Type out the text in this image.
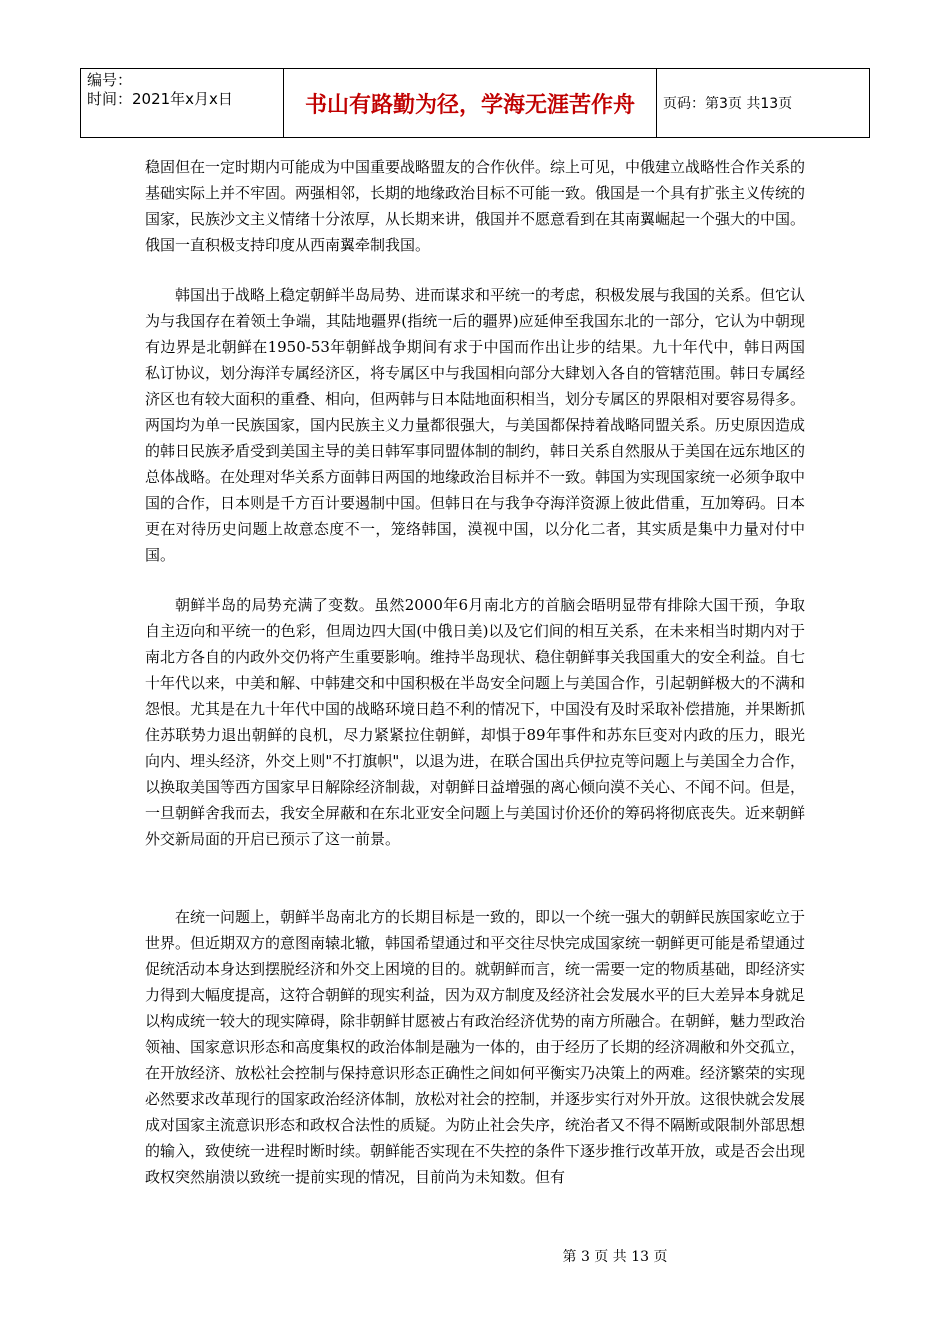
编号：
时间：2021年x月x日	书山有路勤为径，学海无涯苦作舟	页码：第3页 共13页

稳固但在一定时期内可能成为中国重要战略盟友的合作伙伴。综上可见，中俄建立战略性合作关系的基础实际上并不牢固。两强相邻，长期的地缘政治目标不可能一致。俄国是一个具有扩张主义传统的国家，民族沙文主义情绪十分浓厚，从长期来讲，俄国并不愿意看到在其南翼崛起一个强大的中国。俄国一直积极支持印度从西南翼牵制我国。

韩国出于战略上稳定朝鲜半岛局势、进而谋求和平统一的考虑，积极发展与我国的关系。但它认为与我国存在着领土争端，其陆地疆界(指统一后的疆界)应延伸至我国东北的一部分，它认为中朝现有边界是北朝鲜在1950-53年朝鲜战争期间有求于中国而作出让步的结果。九十年代中，韩日两国私订协议，划分海洋专属经济区，将专属区中与我国相向部分大肆划入各自的管辖范围。韩日专属经济区也有较大面积的重叠、相向，但两韩与日本陆地面积相当，划分专属区的界限相对要容易得多。两国均为单一民族国家，国内民族主义力量都很强大，与美国都保持着战略同盟关系。历史原因造成的韩日民族矛盾受到美国主导的美日韩军事同盟体制的制约，韩日关系自然服从于美国在远东地区的总体战略。在处理对华关系方面韩日两国的地缘政治目标并不一致。韩国为实现国家统一必须争取中国的合作，日本则是千方百计要遏制中国。但韩日在与我争夺海洋资源上彼此借重，互加筹码。日本更在对待历史问题上故意态度不一，笼络韩国，漠视中国，以分化二者，其实质是集中力量对付中国。

朝鲜半岛的局势充满了变数。虽然2000年6月南北方的首脑会晤明显带有排除大国干预，争取自主迈向和平统一的色彩，但周边四大国(中俄日美)以及它们间的相互关系，在未来相当时期内对于南北方各自的内政外交仍将产生重要影响。维持半岛现状、稳住朝鲜事关我国重大的安全利益。自七十年代以来，中美和解、中韩建交和中国积极在半岛安全问题上与美国合作，引起朝鲜极大的不满和怨恨。尤其是在九十年代中国的战略环境日趋不利的情况下，中国没有及时采取补偿措施，并果断抓住苏联势力退出朝鲜的良机，尽力紧紧拉住朝鲜，却惧于89年事件和苏东巨变对内政的压力，眼光向内、埋头经济，外交上则"不打旗帜"，以退为进，在联合国出兵伊拉克等问题上与美国全力合作，以换取美国等西方国家早日解除经济制裁，对朝鲜日益增强的离心倾向漠不关心、不闻不问。但是，一旦朝鲜舍我而去，我安全屏蔽和在东北亚安全问题上与美国讨价还价的筹码将彻底丧失。近来朝鲜外交新局面的开启已预示了这一前景。

在统一问题上，朝鲜半岛南北方的长期目标是一致的，即以一个统一强大的朝鲜民族国家屹立于世界。但近期双方的意图南辕北辙，韩国希望通过和平交往尽快完成国家统一朝鲜更可能是希望通过促统活动本身达到摆脱经济和外交上困境的目的。就朝鲜而言，统一需要一定的物质基础，即经济实力得到大幅度提高，这符合朝鲜的现实利益，因为双方制度及经济社会发展水平的巨大差异本身就足以构成统一较大的现实障碍，除非朝鲜甘愿被占有政治经济优势的南方所融合。在朝鲜，魅力型政治领袖、国家意识形态和高度集权的政治体制是融为一体的，由于经历了长期的经济凋敝和外交孤立，在开放经济、放松社会控制与保持意识形态正确性之间如何平衡实乃决策上的两难。经济繁荣的实现必然要求改革现行的国家政治经济体制，放松对社会的控制，并逐步实行对外开放。这很快就会发展成对国家主流意识形态和政权合法性的质疑。为防止社会失序，统治者又不得不隔断或限制外部思想的输入，致使统一进程时断时续。朝鲜能否实现在不失控的条件下逐步推行改革开放，或是否会出现政权突然崩溃以致统一提前实现的情况，目前尚为未知数。但有

第 3 页 共 13 页
